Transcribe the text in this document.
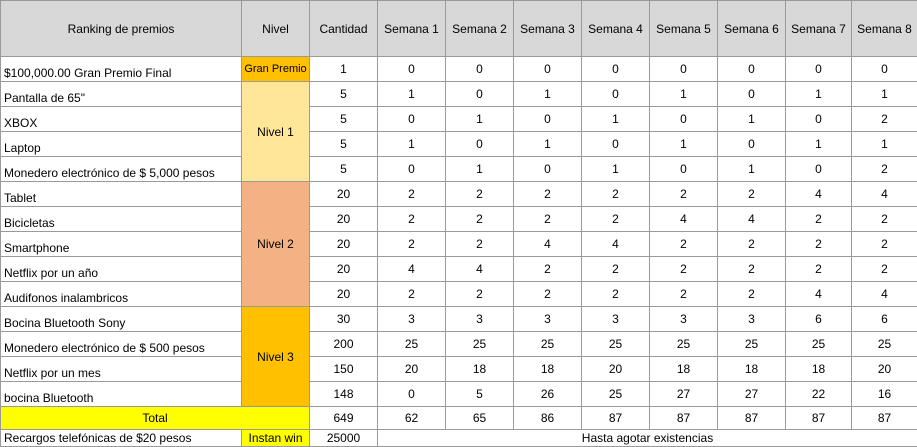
Ranking de premios	Nivel	Cantidad	Semana 1	Semana 2	Semana 3	Semana 4	Semana 5	Semana 6	Semana 7	Semana 8
$100,000.00 Gran Premio Final	Gran Premio	1	0	0	0	0	0	0	0	0
Pantalla de 65"	Nivel 1	5	1	0	1	0	1	0	1	1
XBOX		5	0	1	0	1	0	1	0	2
Laptop		5	1	0	1	0	1	0	1	1
Monedero electrónico de $ 5,000 pesos		5	0	1	0	1	0	1	0	2
Tablet	Nivel 2	20	2	2	2	2	2	2	4	4
Bicicletas		20	2	2	2	2	4	4	2	2
Smartphone		20	2	2	4	4	2	2	2	2
Netflix por un año		20	4	4	2	2	2	2	2	2
Audifonos inalambricos		20	2	2	2	2	2	2	4	4
Bocina Bluetooth Sony	Nivel 3	30	3	3	3	3	3	3	6	6
Monedero electrónico de $ 500 pesos		200	25	25	25	25	25	25	25	25
Netflix por un mes		150	20	18	18	20	18	18	18	20
bocina Bluetooth		148	0	5	26	25	27	27	22	16
Total		649	62	65	86	87	87	87	87	87
Recargos telefónicas de $20 pesos	Instan win	25000	Hasta agotar existencias							
